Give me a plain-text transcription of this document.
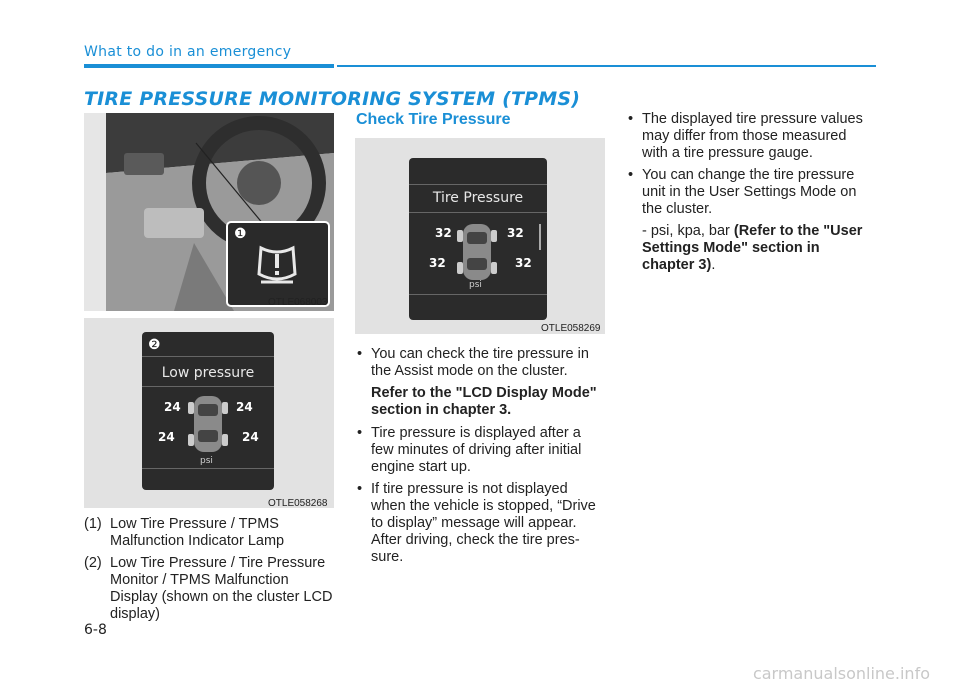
What to do in an emergency
TIRE PRESSURE MONITORING SYSTEM (TPMS)
❶
OTLE068003
❷
Low pressure
24	24
24	24
psi
OTLE058268
(1) Low Tire Pressure / TPMS Malfunction Indicator Lamp
(2) Low Tire Pressure / Tire Pressure Monitor / TPMS Malfunction Display (shown on the cluster LCD display)
Check Tire Pressure
Tire Pressure
32	32
32	32
psi
OTLE058269
• You can check the tire pressure in the Assist mode on the cluster.
Refer to the "LCD Display Mode" section in chapter 3.
• Tire pressure is displayed after a few minutes of driving after initial engine start up.
• If tire pressure is not displayed when the vehicle is stopped, “Drive to display” message will appear. After driving, check the tire pres-sure.
• The displayed tire pressure values may differ from those measured with a tire pressure gauge.
• You can change the tire pressure unit in the User Settings Mode on the cluster.
- psi, kpa, bar (Refer to the "User Settings Mode" section in chapter 3).
6-8
carmanualsonline.info
